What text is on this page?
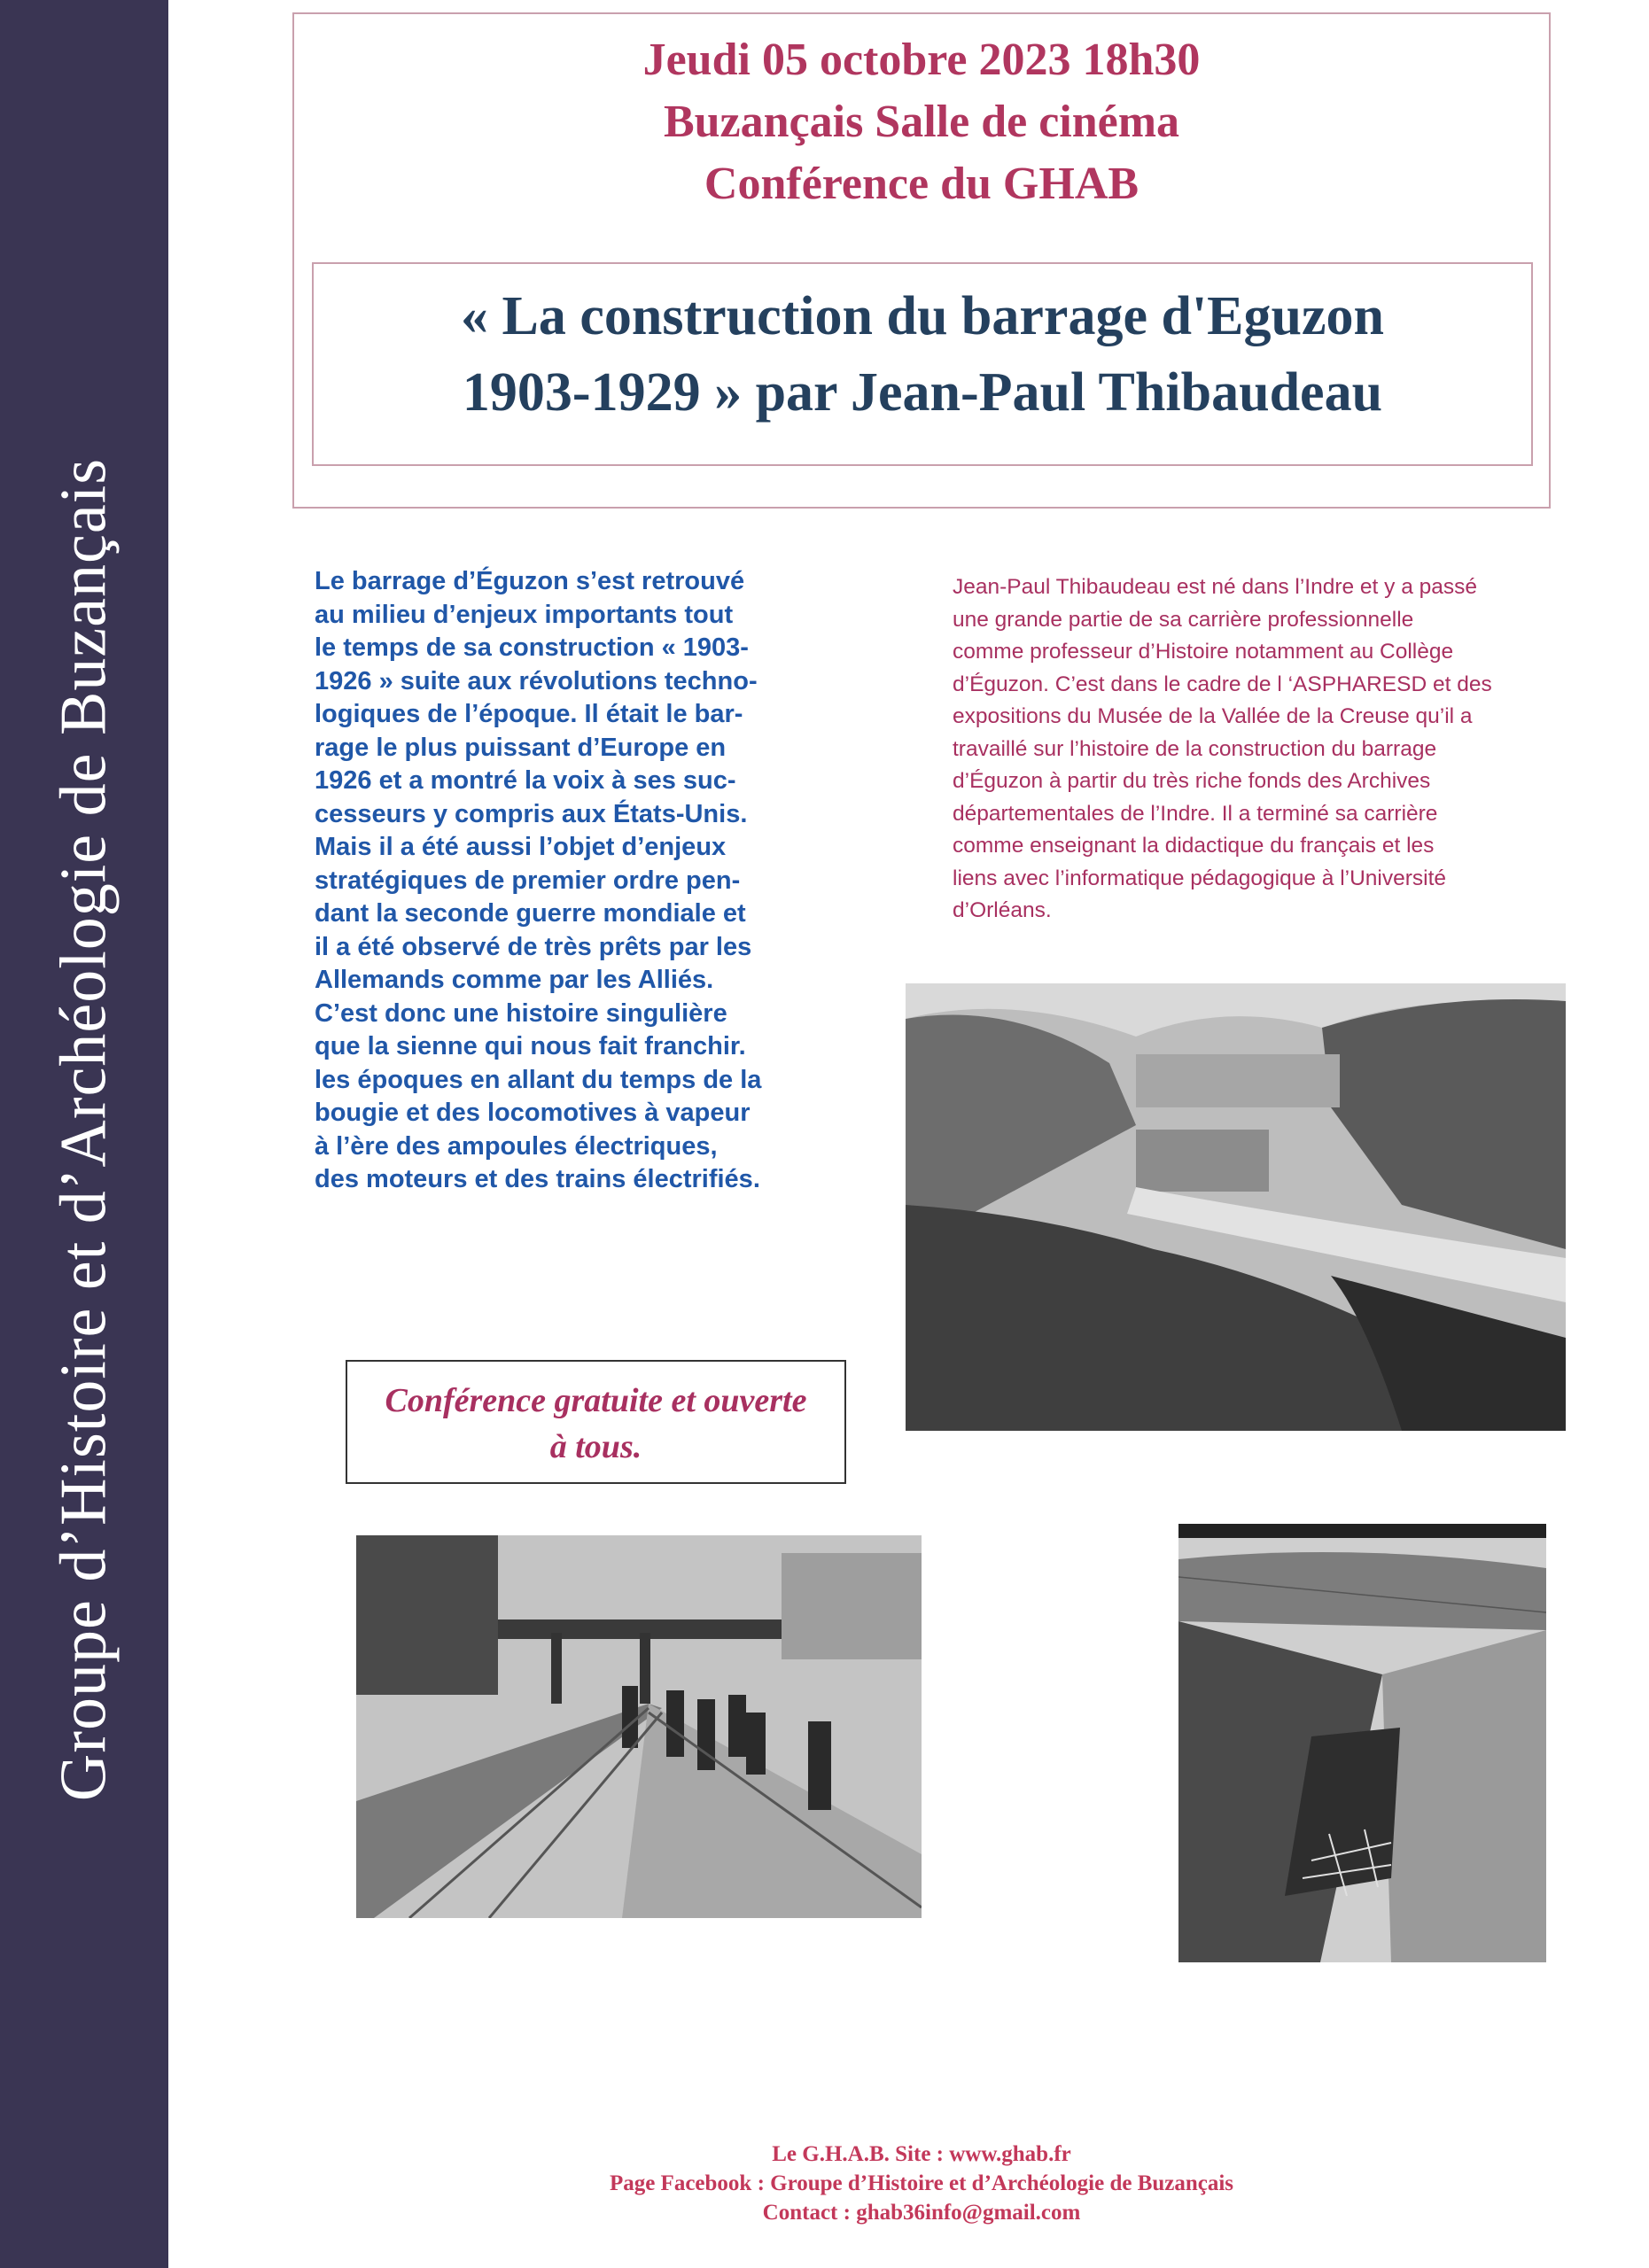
Groupe d’Histoire et d’Archéologie de Buzançais
Jeudi 05 octobre 2023 18h30
Buzançais Salle de cinéma
Conférence du GHAB
« La construction du barrage d'Eguzon
1903-1929 » par Jean-Paul Thibaudeau
Le barrage d’Éguzon s’est retrouvé
au milieu d’enjeux importants tout
le temps de sa construction « 1903-
1926 » suite aux révolutions techno-
logiques de l’époque. Il était le bar-
rage le plus puissant d’Europe en
1926 et a montré la voix à ses suc-
cesseurs y compris aux États-Unis.
Mais il a été aussi l’objet d’enjeux
stratégiques de premier ordre pen-
dant la seconde guerre mondiale et
il a été observé de très prêts par les
Allemands comme par les Alliés.
C’est donc une histoire singulière
que la sienne qui nous fait franchir.
les époques en allant du temps de la
bougie et des locomotives à vapeur
à l’ère des ampoules électriques,
des moteurs et des trains électrifiés.
Jean-Paul Thibaudeau est né dans l’Indre et y a passé
une grande partie de sa carrière professionnelle
comme professeur d’Histoire notamment au Collège
d’Éguzon. C’est dans le cadre de l ‘ASPHARESD et des
expositions du Musée de la Vallée de la Creuse qu’il a
travaillé sur l’histoire de la construction du barrage
d’Éguzon à partir du très riche fonds des Archives
départementales de l’Indre. Il a terminé sa carrière
comme enseignant la didactique du français et les
liens avec l’informatique pédagogique à l’Université
d’Orléans.
Conférence gratuite et ouverte
à tous.
Le G.H.A.B. Site : www.ghab.fr
Page Facebook : Groupe d’Histoire et d’Archéologie de Buzançais
Contact : ghab36info@gmail.com
